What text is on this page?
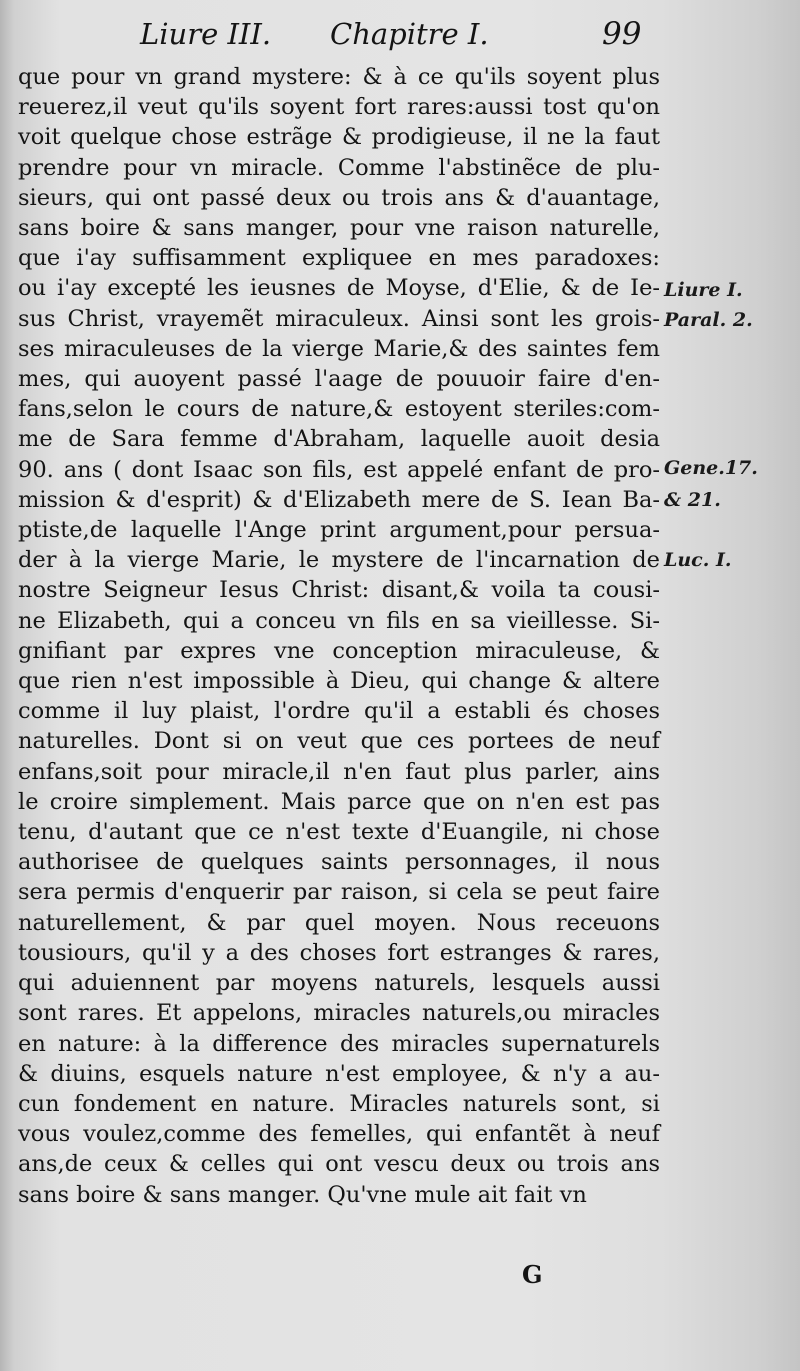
Liure III. Chapitre I.	99
que pour vn grand mystere: & à ce qu'ils soyent plus
reuerez,il veut qu'ils soyent fort rares:aussi tost qu'on
voit quelque chose estrãge & prodigieuse, il ne la faut
prendre pour vn miracle. Comme l'abstinẽce de plu-
sieurs, qui ont passé deux ou trois ans & d'auantage,
sans boire & sans manger, pour vne raison naturelle,
que i'ay suffisamment expliquee en mes paradoxes:
ou i'ay excepté les ieusnes de Moyse, d'Elie, & de Ie-
sus Christ, vrayemẽt miraculeux. Ainsi sont les grois-
ses miraculeuses de la vierge Marie,& des saintes fem
mes, qui auoyent passé l'aage de pouuoir faire d'en-
fans,selon le cours de nature,& estoyent steriles:com-
me de Sara femme d'Abraham, laquelle auoit desia
90. ans ( dont Isaac son fils, est appelé enfant de pro-
mission & d'esprit) & d'Elizabeth mere de S. Iean Ba-
ptiste,de laquelle l'Ange print argument,pour persua-
der à la vierge Marie, le mystere de l'incarnation de
nostre Seigneur Iesus Christ: disant,& voila ta cousi-
ne Elizabeth, qui a conceu vn fils en sa vieillesse. Si-
gnifiant par expres vne conception miraculeuse, &
que rien n'est impossible à Dieu, qui change & altere
comme il luy plaist, l'ordre qu'il a establi és choses
naturelles. Dont si on veut que ces portees de neuf
enfans,soit pour miracle,il n'en faut plus parler, ains
le croire simplement. Mais parce que on n'en est pas
tenu, d'autant que ce n'est texte d'Euangile, ni chose
authorisee de quelques saints personnages, il nous
sera permis d'enquerir par raison, si cela se peut faire
naturellement, & par quel moyen. Nous receuons
tousiours, qu'il y a des choses fort estranges & rares,
qui aduiennent par moyens naturels, lesquels aussi
sont rares. Et appelons, miracles naturels,ou miracles
en nature: à la difference des miracles supernaturels
& diuins, esquels nature n'est employee, & n'y a au-
cun fondement en nature. Miracles naturels sont, si
vous voulez,comme des femelles, qui enfantẽt à neuf
ans,de ceux & celles qui ont vescu deux ou trois ans
sans boire & sans manger. Qu'vne mule ait fait vn
Liure I.
Paral. 2.
Gene.17.
& 21.
Luc. I.
G
